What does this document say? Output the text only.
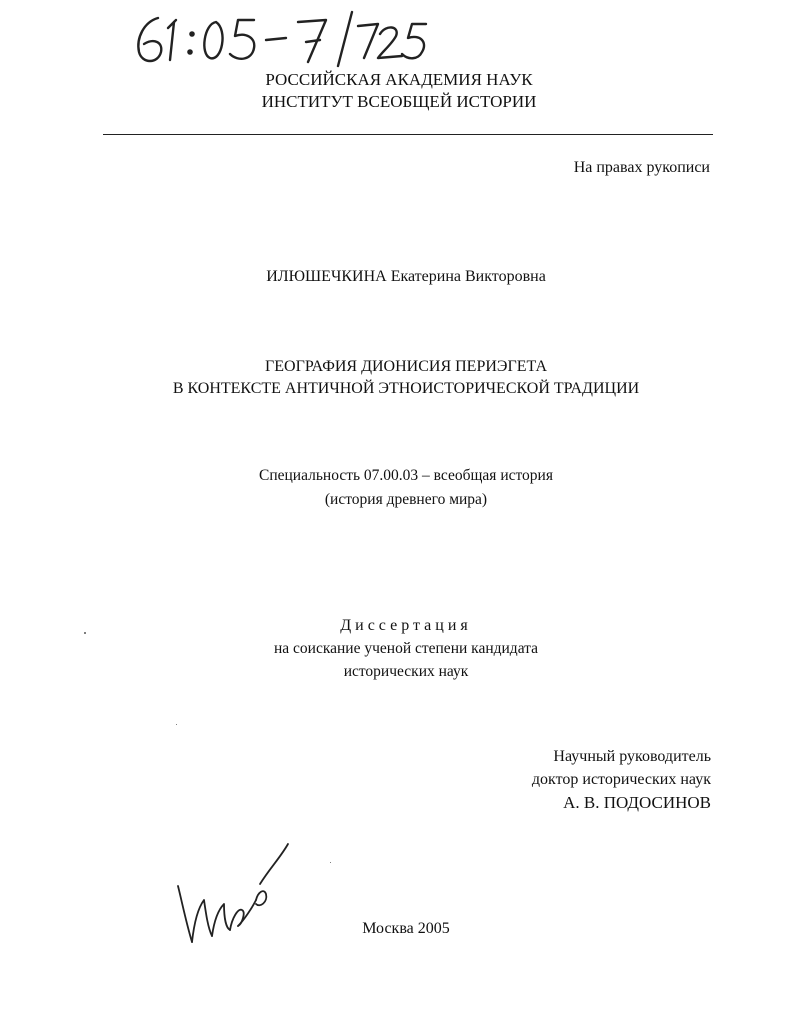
РОССИЙСКАЯ АКАДЕМИЯ НАУК
ИНСТИТУТ ВСЕОБЩЕЙ ИСТОРИИ
На правах рукописи
ИЛЮШЕЧКИНА Екатерина Викторовна
ГЕОГРАФИЯ ДИОНИСИЯ ПЕРИЭГЕТА
В КОНТЕКСТЕ АНТИЧНОЙ ЭТНОИСТОРИЧЕСКОЙ ТРАДИЦИИ
Специальность 07.00.03 – всеобщая история
(история древнего мира)
Диссертация
на соискание ученой степени кандидата
исторических наук
Научный руководитель
доктор исторических наук
А. В. ПОДОСИНОВ
Москва 2005
